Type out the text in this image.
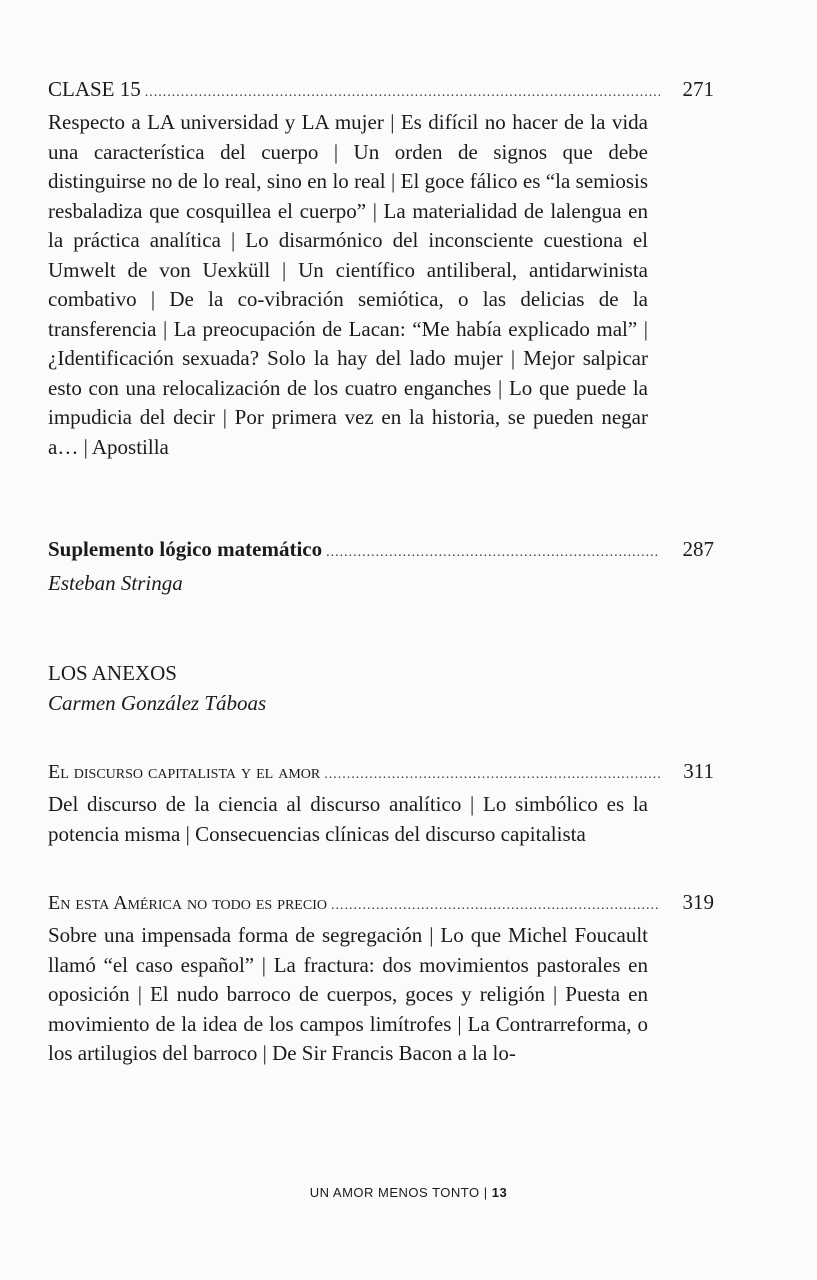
CLASE 15 .....	271

Respecto a LA universidad y LA mujer | Es difícil no hacer de la vida una característica del cuerpo | Un orden de signos que debe distinguirse no de lo real, sino en lo real | El goce fálico es “la semiosis resbaladiza que cosquillea el cuerpo” | La materialidad de lalengua en la práctica analítica | Lo disarmónico del inconsciente cuestiona el Umwelt de von Uexküll | Un científico antiliberal, antidarwinista combativo | De la co-vibración semiótica, o las delicias de la transferencia | La preocupación de Lacan: “Me había explicado mal” | ¿Identificación sexuada? Solo la hay del lado mujer | Mejor salpicar esto con una relocalización de los cuatro enganches | Lo que puede la impudicia del decir | Por primera vez en la historia, se pueden negar a… | Apostilla

Suplemento lógico matemático .....	287

Esteban Stringa

LOS ANEXOS

Carmen González Táboas

El discurso capitalista y el amor .....	311

Del discurso de la ciencia al discurso analítico | Lo simbólico es la potencia misma | Consecuencias clínicas del discurso capitalista

En esta América no todo es precio .....	319

Sobre una impensada forma de segregación | Lo que Michel Foucault llamó “el caso español” | La fractura: dos movimientos pastorales en oposición | El nudo barroco de cuerpos, goces y religión | Puesta en movimiento de la idea de los campos limítrofes | La Contrarreforma, o los artilugios del barroco | De Sir Francis Bacon a la lo-

UN AMOR MENOS TONTO | 13
